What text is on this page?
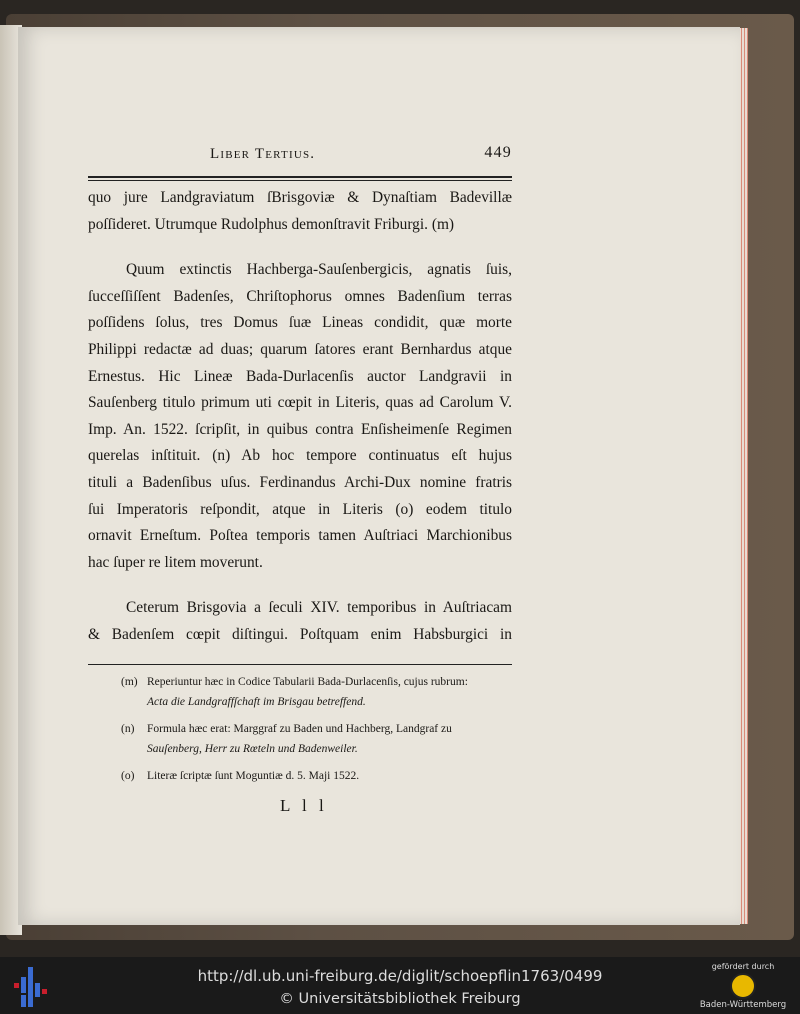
Liber Tertius.	449

quo jure Landgraviatum ſBrisgoviæ & Dynaſtiam Badevillæ

poſſideret. Utrumque Rudolphus demonſtravit Friburgi. (m)

Quum extinctis Hachberga-Sauſenbergicis, agnatis ſuis,

ſucceſſiſſent Badenſes, Chriſtophorus omnes Badenſium terras

poſſidens ſolus, tres Domus ſuæ Lineas condidit, quæ morte

Philippi redactæ ad duas; quarum ſatores erant Bernhardus atque

Ernestus. Hic Lineæ Bada-Durlacenſis auctor Landgravii in

Sauſenberg titulo primum uti cœpit in Literis, quas ad Carolum V.

Imp. An. 1522. ſcripſit, in quibus contra Enſisheimenſe Regimen

querelas inſtituit. (n) Ab hoc tempore continuatus eſt hujus

tituli a Badenſibus uſus. Ferdinandus Archi-Dux nomine fratris

ſui Imperatoris reſpondit, atque in Literis (o) eodem titulo

ornavit Erneſtum. Poſtea temporis tamen Auſtriaci Marchionibus

hac ſuper re litem moverunt.

Ceterum Brisgovia a ſeculi XIV. temporibus in Auſtriacam

& Badenſem cœpit diſtingui. Poſtquam enim Habsburgici in

(m) Reperiuntur hæc in Codice Tabularii Bada-Durlacenſis, cujus rubrum:
Acta die Landgraffſchaft im Brisgau betreffend.
(n)	Formula hæc erat: Marggraf zu Baden und Hachberg, Landgraf zu
Sauſenberg, Herr zu Rœteln und Badenweiler.
(o)	Literæ ſcriptæ ſunt Moguntiæ d. 5. Maji 1522.
L l l
http://dl.ub.uni-freiburg.de/diglit/schoepflin1763/0499
© Universitätsbibliothek Freiburg
gefördert durch
Baden-Württemberg
